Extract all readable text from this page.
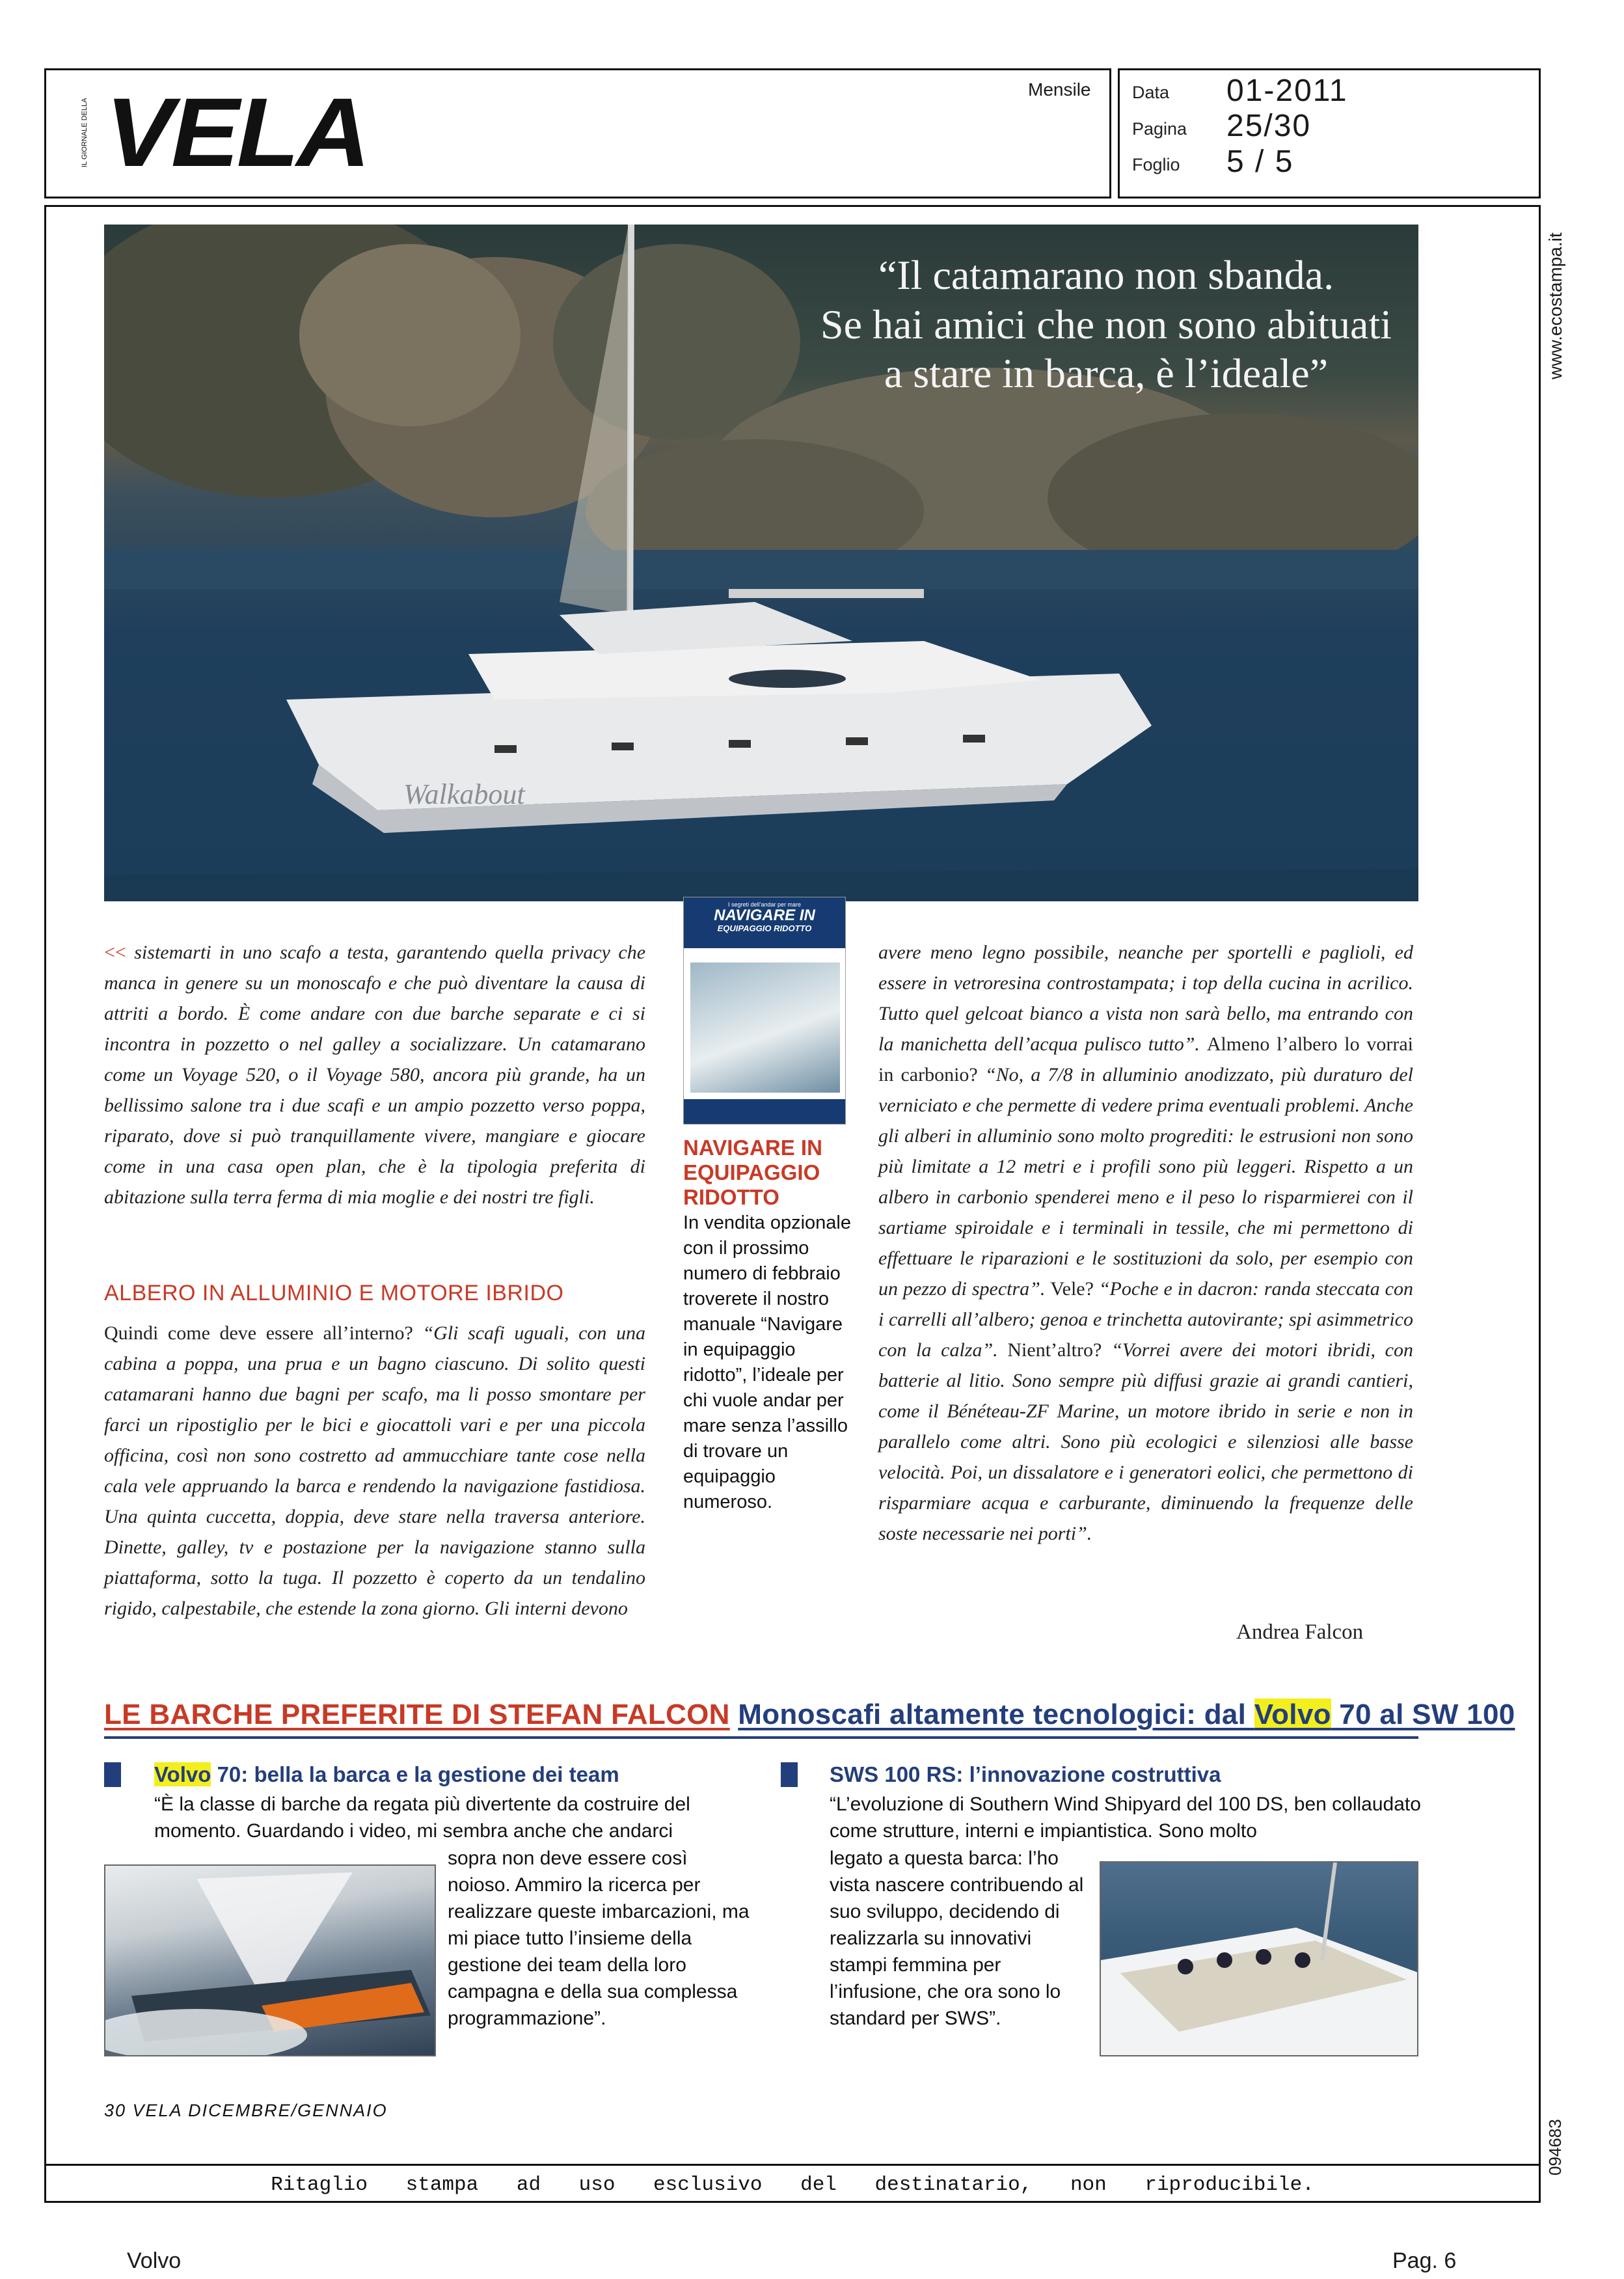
IL GIORNALE DELLA VELA	Mensile Data 01-2011
Pagina 25/30
Foglio 5 / 5
www.ecostampa.it
094683
“Il catamarano non sbanda.
Se hai amici che non sono abituati
a stare in barca, è l’ideale”
Walkabout
<< sistemarti in uno scafo a testa, garantendo quella privacy che manca in genere su un monoscafo e che può diventare la causa di attriti a bordo. È come andare con due barche separate e ci si incontra in pozzetto o nel galley a socializzare. Un catamarano come un Voyage 520, o il Voyage 580, ancora più grande, ha un bellissimo salone tra i due scafi e un ampio pozzetto verso poppa, riparato, dove si può tranquillamente vivere, mangiare e giocare come in una casa open plan, che è la tipologia preferita di abitazione sulla terra ferma di mia moglie e dei nostri tre figli.
ALBERO IN ALLUMINIO E MOTORE IBRIDO
Quindi come deve essere all’interno? “Gli scafi uguali, con una cabina a poppa, una prua e un bagno ciascuno. Di solito questi catamarani hanno due bagni per scafo, ma li posso smontare per farci un ripostiglio per le bici e giocattoli vari e per una piccola officina, così non sono costretto ad ammucchiare tante cose nella cala vele appruando la barca e rendendo la navigazione fastidiosa. Una quinta cuccetta, doppia, deve stare nella traversa anteriore. Dinette, galley, tv e postazione per la navigazione stanno sulla piattaforma, sotto la tuga. Il pozzetto è coperto da un tendalino rigido, calpestabile, che estende la zona giorno. Gli interni devono
avere meno legno possibile, neanche per sportelli e paglioli, ed essere in vetroresina controstampata; i top della cucina in acrilico. Tutto quel gelcoat bianco a vista non sarà bello, ma entrando con la manichetta dell’acqua pulisco tutto”. Almeno l’albero lo vorrai in carbonio? “No, a 7/8 in alluminio anodizzato, più duraturo del verniciato e che permette di vedere prima eventuali problemi. Anche gli alberi in alluminio sono molto progrediti: le estrusioni non sono più limitate a 12 metri e i profili sono più leggeri. Rispetto a un albero in carbonio spenderei meno e il peso lo risparmierei con il sartiame spiroidale e i terminali in tessile, che mi permettono di effettuare le riparazioni e le sostituzioni da solo, per esempio con un pezzo di spectra”. Vele? “Poche e in dacron: randa steccata con i carrelli all’albero; genoa e trinchetta autovirante; spi asimmetrico con la calza”. Nient’altro? “Vorrei avere dei motori ibridi, con batterie al litio. Sono sempre più diffusi grazie ai grandi cantieri, come il Bénéteau-ZF Marine, un motore ibrido in serie e non in parallelo come altri. Sono più ecologici e silenziosi alle basse velocità. Poi, un dissalatore e i generatori eolici, che permettono di risparmiare acqua e carburante, diminuendo la frequenze delle soste necessarie nei porti”.
Andrea Falcon
I segreti dell’andar per mare
NAVIGARE IN
EQUIPAGGIO RIDOTTO
NAVIGARE IN EQUIPAGGIO RIDOTTO
In vendita opzionale con il prossimo numero di febbraio troverete il nostro manuale “Navigare in equipaggio ridotto”, l’ideale per chi vuole andar per mare senza l’assillo di trovare un equipaggio numeroso.
LE BARCHE PREFERITE DI STEFAN FALCON Monoscafi altamente tecnologici: dal Volvo 70 al SW 100
Volvo 70: bella la barca e la gestione dei team
“È la classe di barche da regata più divertente da costruire del momento. Guardando i video, mi sembra anche che andarci
sopra non deve essere così noioso. Ammiro la ricerca per realizzare queste imbarcazioni, ma mi piace tutto l’insieme della gestione dei team della loro campagna e della sua complessa programmazione”.
SWS 100 RS: l’innovazione costruttiva
“L’evoluzione di Southern Wind Shipyard del 100 DS, ben collaudato come strutture, interni e impiantistica. Sono molto
legato a questa barca: l’ho vista nascere contribuendo al suo sviluppo, decidendo di realizzarla su innovativi stampi femmina per l’infusione, che ora sono lo standard per SWS”.
30 VELA DICEMBRE/GENNAIO
Ritaglio stampa ad uso esclusivo del destinatario, non riproducibile.
Volvo	Pag. 6
